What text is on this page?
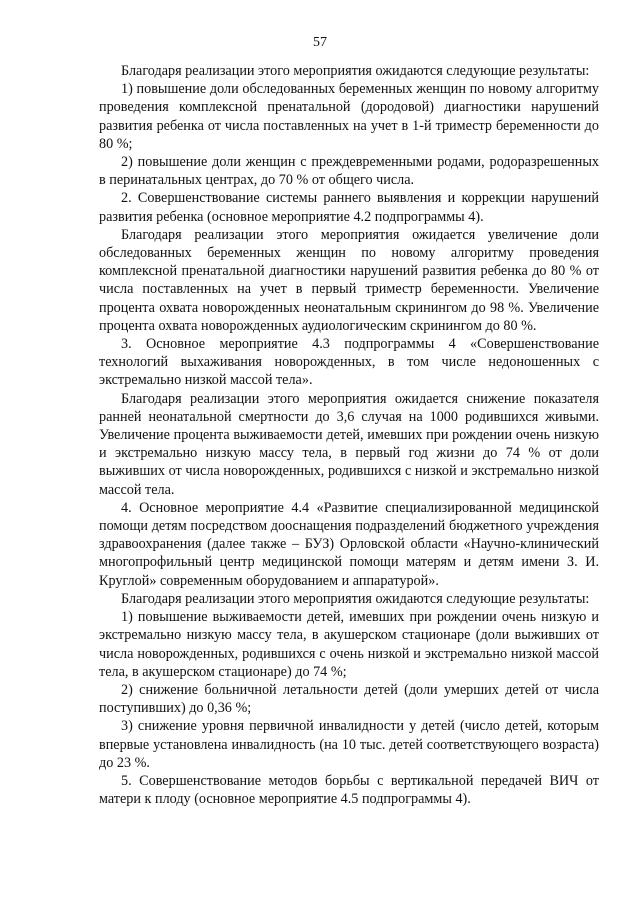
57

Благодаря реализации этого мероприятия ожидаются следующие результаты:

1) повышение доли обследованных беременных женщин по новому алгоритму проведения комплексной пренатальной (дородовой) диагностики нарушений развития ребенка от числа поставленных на учет в 1-й триместр беременности до 80 %;

2) повышение доли женщин с преждевременными родами, родоразрешенных в перинатальных центрах, до 70 % от общего числа.

2. Совершенствование системы раннего выявления и коррекции нарушений развития ребенка (основное мероприятие 4.2 подпрограммы 4).

Благодаря реализации этого мероприятия ожидается увеличение доли обследованных беременных женщин по новому алгоритму проведения комплексной пренатальной диагностики нарушений развития ребенка до 80 % от числа поставленных на учет в первый триместр беременности. Увеличение процента охвата новорожденных неонатальным скринингом до 98 %. Увеличение процента охвата новорожденных аудиологическим скринингом до 80 %.

3. Основное мероприятие 4.3 подпрограммы 4 «Совершенствование технологий выхаживания новорожденных, в том числе недоношенных с экстремально низкой массой тела».

Благодаря реализации этого мероприятия ожидается снижение показателя ранней неонатальной смертности до 3,6 случая на 1000 родившихся живыми. Увеличение процента выживаемости детей, имевших при рождении очень низкую и экстремально низкую массу тела, в первый год жизни до 74 % от доли выживших от числа новорожденных, родившихся с низкой и экстремально низкой массой тела.

4. Основное мероприятие 4.4 «Развитие специализированной медицинской помощи детям посредством дооснащения подразделений бюджетного учреждения здравоохранения (далее также – БУЗ) Орловской области «Научно-клинический многопрофильный центр медицинской помощи матерям и детям имени З. И. Круглой» современным оборудованием и аппаратурой».

Благодаря реализации этого мероприятия ожидаются следующие результаты:

1) повышение выживаемости детей, имевших при рождении очень низкую и экстремально низкую массу тела, в акушерском стационаре (доли выживших от числа новорожденных, родившихся с очень низкой и экстремально низкой массой тела, в акушерском стационаре) до 74 %;

2) снижение больничной летальности детей (доли умерших детей от числа поступивших) до 0,36 %;

3) снижение уровня первичной инвалидности у детей (число детей, которым впервые установлена инвалидность (на 10 тыс. детей соответствующего возраста) до 23 %.

5. Совершенствование методов борьбы с вертикальной передачей ВИЧ от матери к плоду (основное мероприятие 4.5 подпрограммы 4).
